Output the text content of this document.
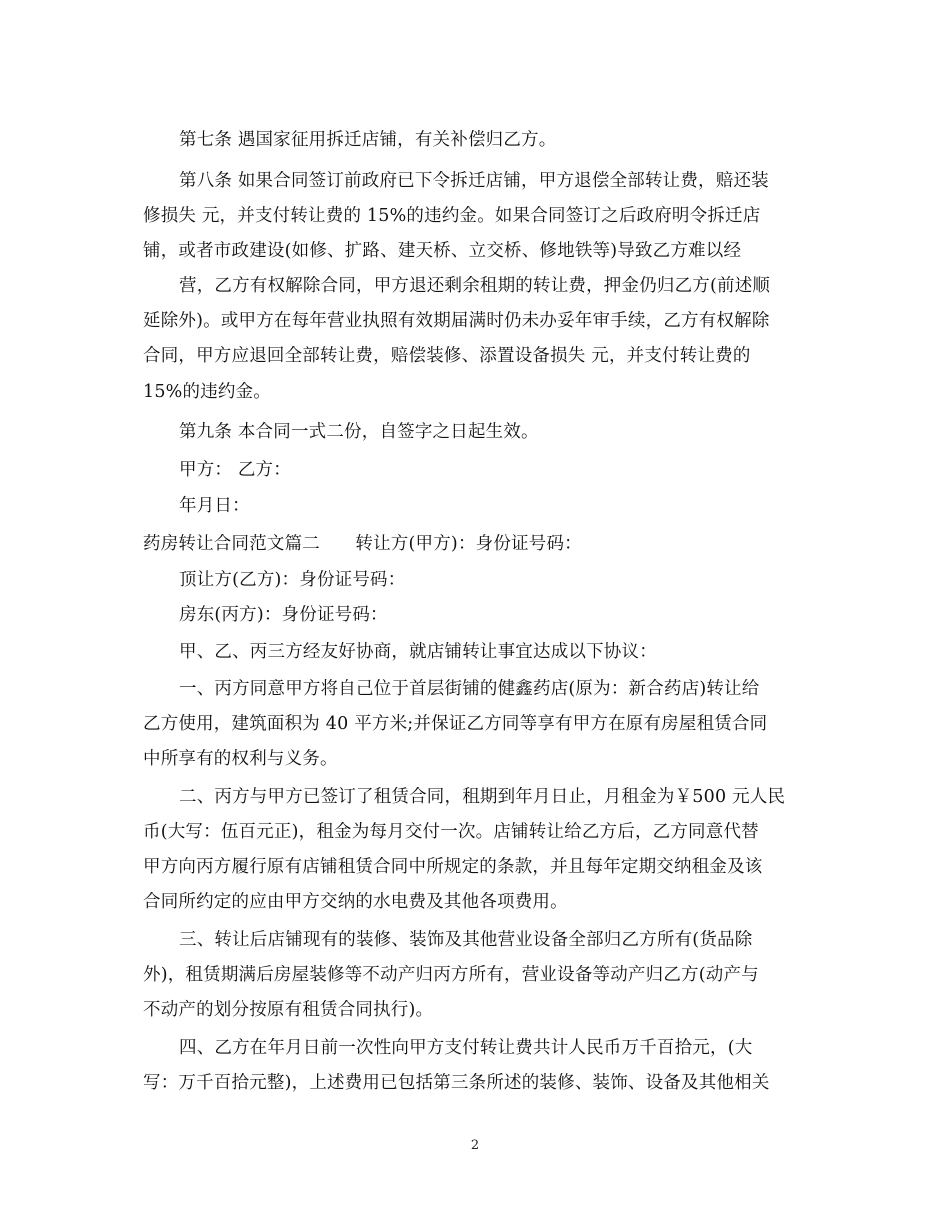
第七条 遇国家征用拆迁店铺，有关补偿归乙方。
第八条 如果合同签订前政府已下令拆迁店铺，甲方退偿全部转让费，赔还装
修损失 元，并支付转让费的 15%的违约金。如果合同签订之后政府明令拆迁店
铺，或者市政建设(如修、扩路、建天桥、立交桥、修地铁等)导致乙方难以经
营，乙方有权解除合同，甲方退还剩余租期的转让费，押金仍归乙方(前述顺
延除外)。或甲方在每年营业执照有效期届满时仍未办妥年审手续，乙方有权解除
合同，甲方应退回全部转让费，赔偿装修、添置设备损失 元，并支付转让费的
15%的违约金。
第九条 本合同一式二份，自签字之日起生效。
甲方： 乙方：
年月日：
药房转让合同范文篇二　　转让方(甲方)：身份证号码：
顶让方(乙方)：身份证号码：
房东(丙方)：身份证号码：
甲、乙、丙三方经友好协商，就店铺转让事宜达成以下协议：
一、丙方同意甲方将自己位于首层街铺的健鑫药店(原为：新合药店)转让给
乙方使用，建筑面积为 40 平方米;并保证乙方同等享有甲方在原有房屋租赁合同
中所享有的权利与义务。
二、丙方与甲方已签订了租赁合同，租期到年月日止，月租金为￥500 元人民
币(大写：伍百元正)，租金为每月交付一次。店铺转让给乙方后，乙方同意代替
甲方向丙方履行原有店铺租赁合同中所规定的条款，并且每年定期交纳租金及该
合同所约定的应由甲方交纳的水电费及其他各项费用。
三、转让后店铺现有的装修、装饰及其他营业设备全部归乙方所有(货品除
外)，租赁期满后房屋装修等不动产归丙方所有，营业设备等动产归乙方(动产与
不动产的划分按原有租赁合同执行)。
四、乙方在年月日前一次性向甲方支付转让费共计人民币万千百拾元，(大
写：万千百拾元整)，上述费用已包括第三条所述的装修、装饰、设备及其他相关
2
